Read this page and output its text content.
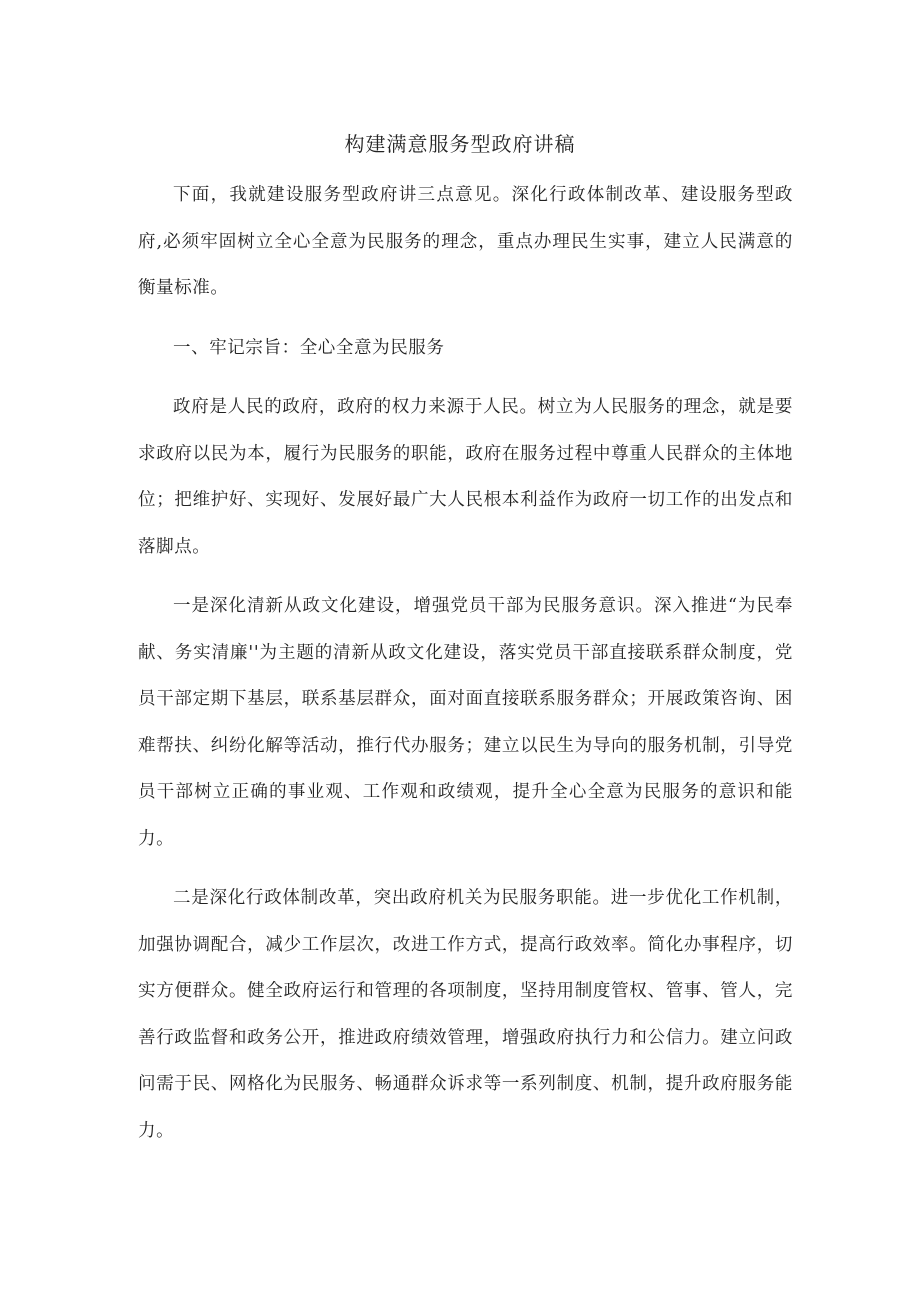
构建满意服务型政府讲稿

下面，我就建设服务型政府讲三点意见。深化行政体制改革、建设服务型政府,必须牢固树立全心全意为民服务的理念，重点办理民生实事，建立人民满意的衡量标准。

一、牢记宗旨：全心全意为民服务

政府是人民的政府，政府的权力来源于人民。树立为人民服务的理念，就是要求政府以民为本，履行为民服务的职能，政府在服务过程中尊重人民群众的主体地位；把维护好、实现好、发展好最广大人民根本利益作为政府一切工作的出发点和落脚点。

一是深化清新从政文化建设，增强党员干部为民服务意识。深入推进“为民奉献、务实清廉''为主题的清新从政文化建设，落实党员干部直接联系群众制度，党员干部定期下基层，联系基层群众，面对面直接联系服务群众；开展政策咨询、困难帮扶、纠纷化解等活动，推行代办服务；建立以民生为导向的服务机制，引导党员干部树立正确的事业观、工作观和政绩观，提升全心全意为民服务的意识和能力。

二是深化行政体制改革，突出政府机关为民服务职能。进一步优化工作机制，加强协调配合，减少工作层次，改进工作方式，提高行政效率。简化办事程序，切实方便群众。健全政府运行和管理的各项制度，坚持用制度管权、管事、管人，完善行政监督和政务公开，推进政府绩效管理，增强政府执行力和公信力。建立问政问需于民、网格化为民服务、畅通群众诉求等一系列制度、机制，提升政府服务能力。
